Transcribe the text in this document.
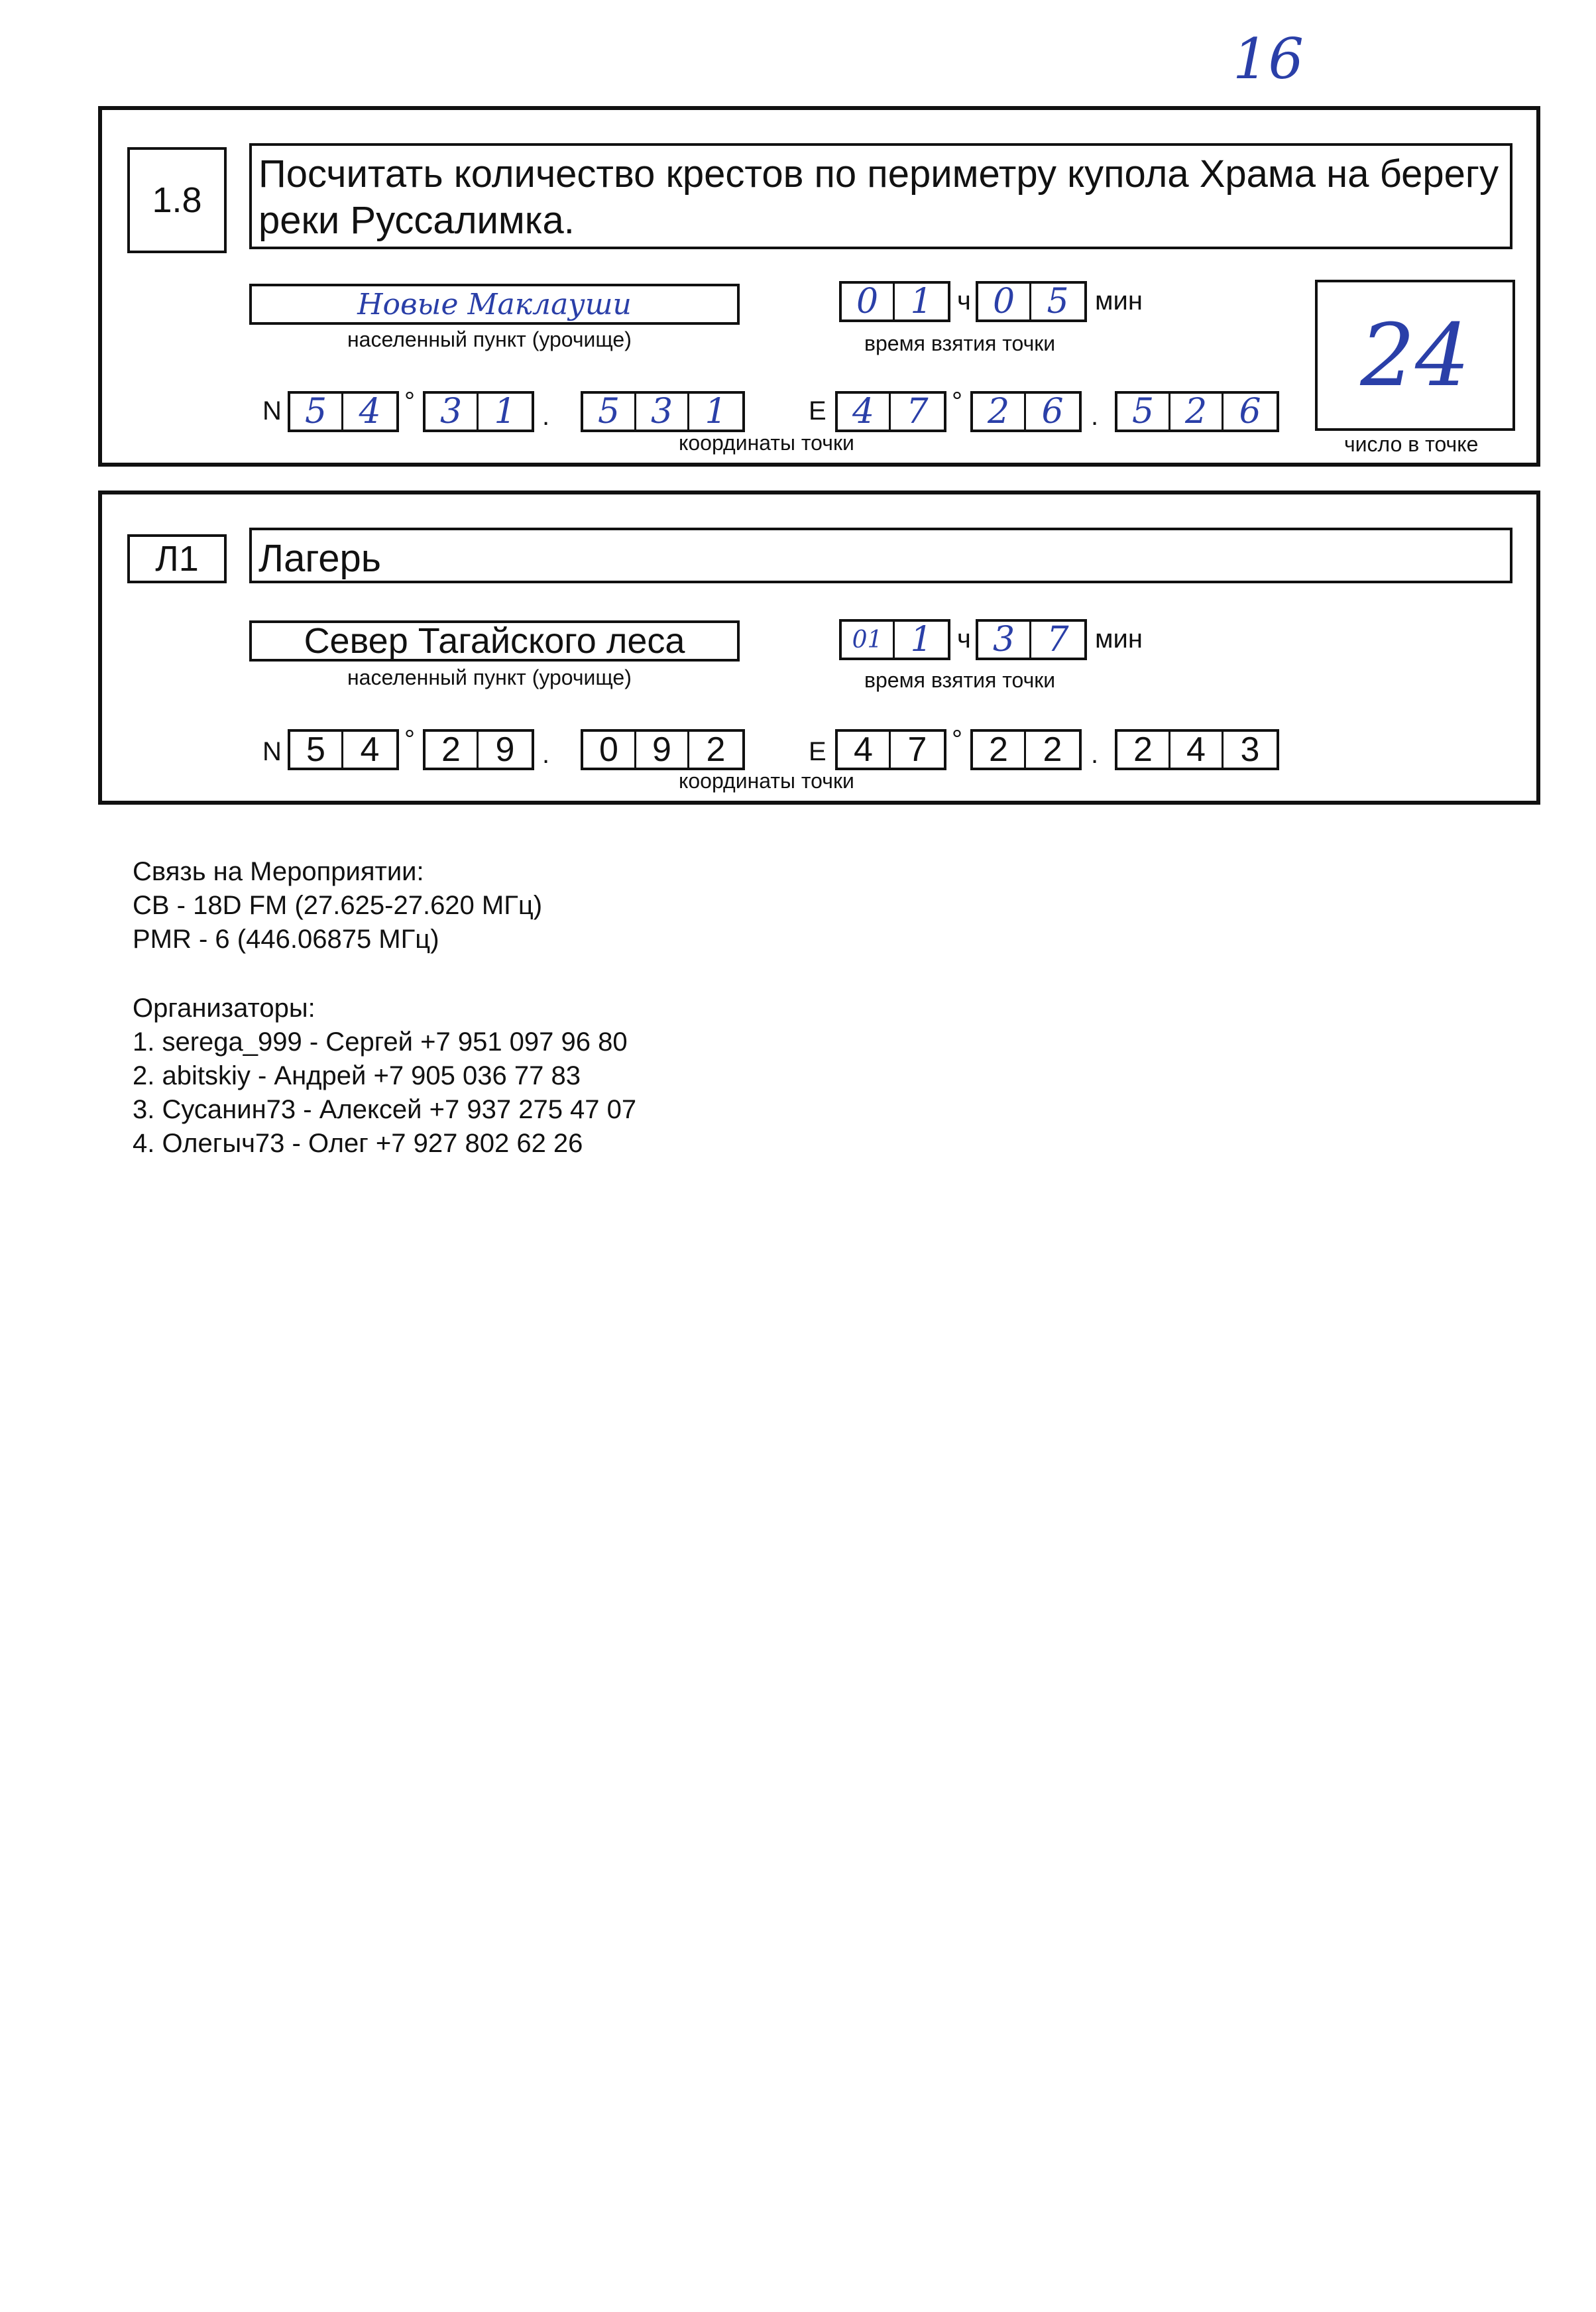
16
1.8
Посчитать количество крестов по периметру купола Храма на берегу реки Руссалимка.
Новые Маклауши
населенный пункт (урочище)
0 1 ч 0 5 мин
время взятия точки
N 5 4 ° 3 1 .	5 3 1	E 4 7 ° 2 6	. 5 2 6
координаты точки
24
число в точке
Л1	Лагерь
Север Тагайского леса
населенный пункт (урочище)
01 1 ч 3 7 мин
время взятия точки
N 5	4 ° 2	9	.	0 9	2	E 4	7 ° 2	2	.	2 4	3
координаты точки
Связь на Мероприятии:
CB - 18D FM (27.625-27.620 МГц)
PMR - 6 (446.06875 МГц)
Организаторы:
1. serega_999 - Сергей +7 951 097 96 80
2. abitskiy - Андрей +7 905 036 77 83
3. Сусанин73 - Алексей +7 937 275 47 07
4. Олегыч73 - Олег +7 927 802 62 26
